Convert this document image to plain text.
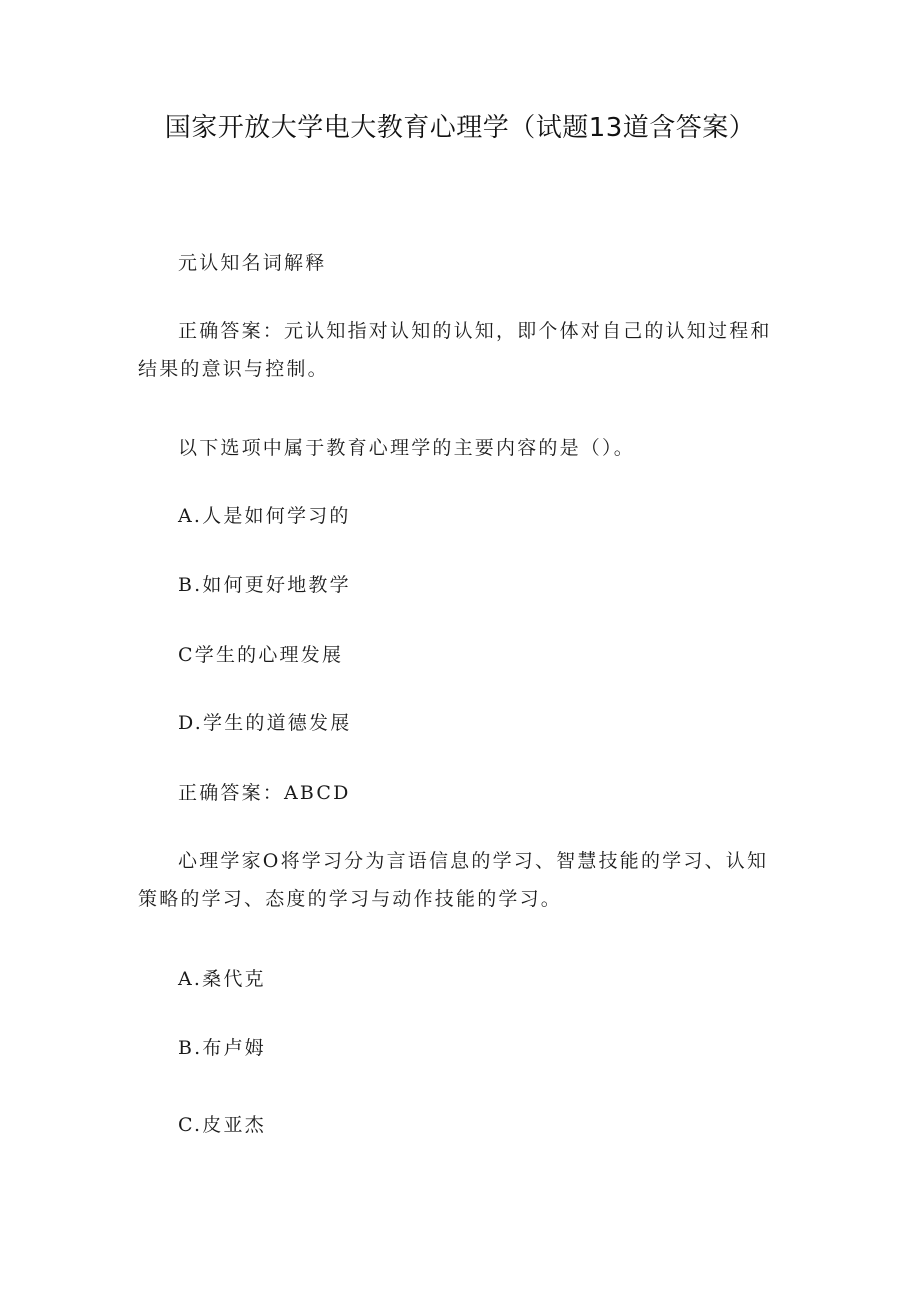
国家开放大学电大教育心理学（试题13道含答案）

元认知名词解释

正确答案：元认知指对认知的认知，即个体对自己的认知过程和结果的意识与控制。

以下选项中属于教育心理学的主要内容的是（）。

A.人是如何学习的

B.如何更好地教学

C学生的心理发展

D.学生的道德发展

正确答案：ABCD

心理学家O将学习分为言语信息的学习、智慧技能的学习、认知策略的学习、态度的学习与动作技能的学习。

A.桑代克

B.布卢姆

C.皮亚杰
